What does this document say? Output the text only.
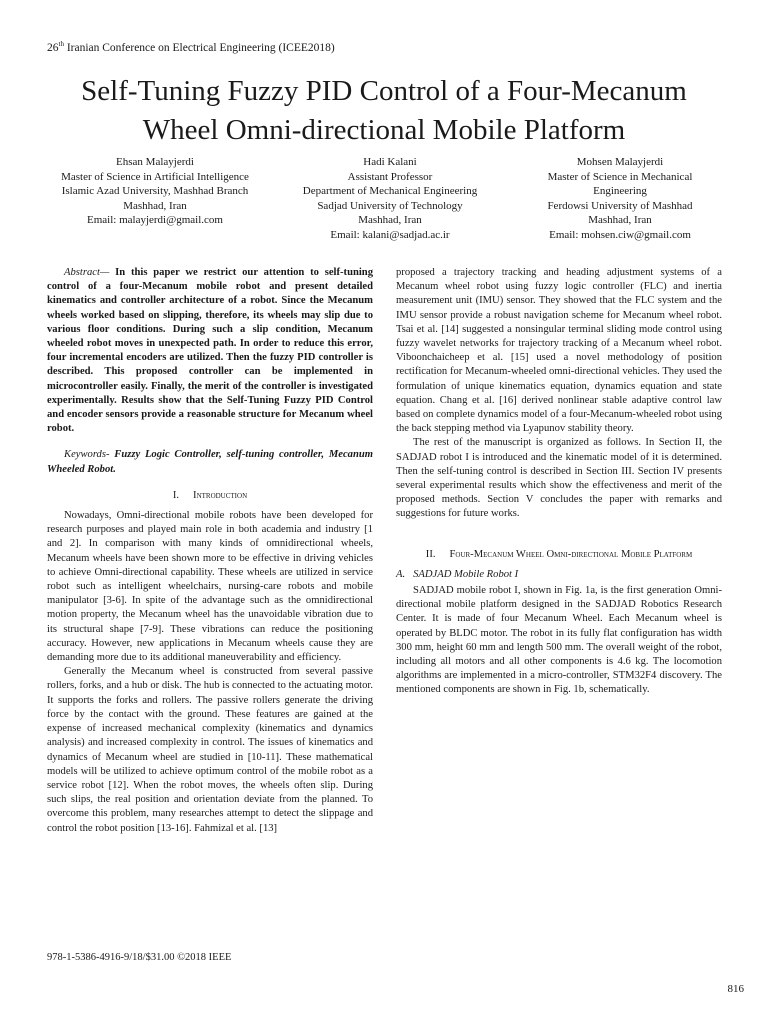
26th Iranian Conference on Electrical Engineering (ICEE2018)
Self-Tuning Fuzzy PID Control of a Four-Mecanum
Wheel Omni-directional Mobile Platform
Ehsan Malayjerdi
Master of Science in Artificial Intelligence
Islamic Azad University, Mashhad Branch
Mashhad, Iran
Email: malayjerdi@gmail.com
Hadi Kalani
Assistant Professor
Department of Mechanical Engineering
Sadjad University of Technology
Mashhad, Iran
Email: kalani@sadjad.ac.ir
Mohsen Malayjerdi
Master of Science in Mechanical
Engineering
Ferdowsi University of Mashhad
Mashhad, Iran
Email: mohsen.ciw@gmail.com

Abstract— In this paper we restrict our attention to self-tuning control of a four-Mecanum mobile robot and present detailed kinematics and controller architecture of a robot. Since the Mecanum wheels worked based on slipping, therefore, its wheels may slip due to various floor conditions. During such a slip condition, Mecanum wheeled robot moves in unexpected path. In order to reduce this error, four incremental encoders are utilized. Then the fuzzy PID controller is described. This proposed controller can be implemented in microcontroller easily. Finally, the merit of the controller is investigated experimentally. Results show that the Self-Tuning Fuzzy PID Control and encoder sensors provide a reasonable structure for Mecanum wheel robot.

Keywords- Fuzzy Logic Controller, self-tuning controller, Mecanum Wheeled Robot.

I. Introduction

Nowadays, Omni-directional mobile robots have been developed for research purposes and played main role in both academia and industry [1 and 2]. In comparison with many kinds of omnidirectional wheels, Mecanum wheels have been shown more to be effective in driving vehicles to achieve Omni-directional capability. These wheels are utilized in service robot such as intelligent wheelchairs, nursing-care robots and mobile manipulator [3-6]. In spite of the advantage such as the omnidirectional motion property, the Mecanum wheel has the unavoidable vibration due to its structural shape [7-9]. These vibrations can reduce the positioning accuracy. However, new applications in Mecanum wheels cause they are demanding more due to its additional maneuverability and efficiency.

Generally the Mecanum wheel is constructed from several passive rollers, forks, and a hub or disk. The hub is connected to the actuating motor. It supports the forks and rollers. The passive rollers generate the driving force by the contact with the ground. These features are gained at the expense of increased mechanical complexity (kinematics and dynamics analysis) and increased complexity in control. The issues of kinematics and dynamics of Mecanum wheel are studied in [10-11]. These mathematical models will be utilized to achieve optimum control of the mobile robot as a service robot [12]. When the robot moves, the wheels often slip. During such slips, the real position and orientation deviate from the planned. To overcome this problem, many researches attempt to detect the slippage and control the robot position [13-16]. Fahmizal et al. [13]

proposed a trajectory tracking and heading adjustment systems of a Mecanum wheel robot using fuzzy logic controller (FLC) and inertia measurement unit (IMU) sensor. They showed that the FLC system and the IMU sensor provide a robust navigation scheme for Mecanum wheel robot. Tsai et al. [14] suggested a nonsingular terminal sliding mode control using fuzzy wavelet networks for trajectory tracking of a Mecanum wheel robot. Viboonchaicheep et al. [15] used a novel methodology of position rectification for Mecanum-wheeled omni-directional vehicles. They used the formulation of unique kinematics equation, dynamics equation and state equation. Chang et al. [16] derived nonlinear stable adaptive control law based on complete dynamics model of a four-Mecanum-wheeled robot using the back stepping method via Lyapunov stability theory.

The rest of the manuscript is organized as follows. In Section II, the SADJAD robot I is introduced and the kinematic model of it is determined. Then the self-tuning control is described in Section III. Section IV presents several experimental results which show the effectiveness and merit of the proposed methods. Section V concludes the paper with remarks and suggestions for future works.

II. Four-Mecanum Wheel Omni-directional Mobile Platform
A. SADJAD Mobile Robot I

SADJAD mobile robot I, shown in Fig. 1a, is the first generation Omni-directional mobile platform designed in the SADJAD Robotics Research Center. It is made of four Mecanum Wheel. Each Mecanum wheel is operated by BLDC motor. The robot in its fully flat configuration has width 300 mm, height 60 mm and length 500 mm. The overall weight of the robot, including all motors and all other components is 4.6 kg. The locomotion algorithms are implemented in a micro-controller, STM32F4 discovery. The mentioned components are shown in Fig. 1b, schematically.

978-1-5386-4916-9/18/$31.00 ©2018 IEEE
816
